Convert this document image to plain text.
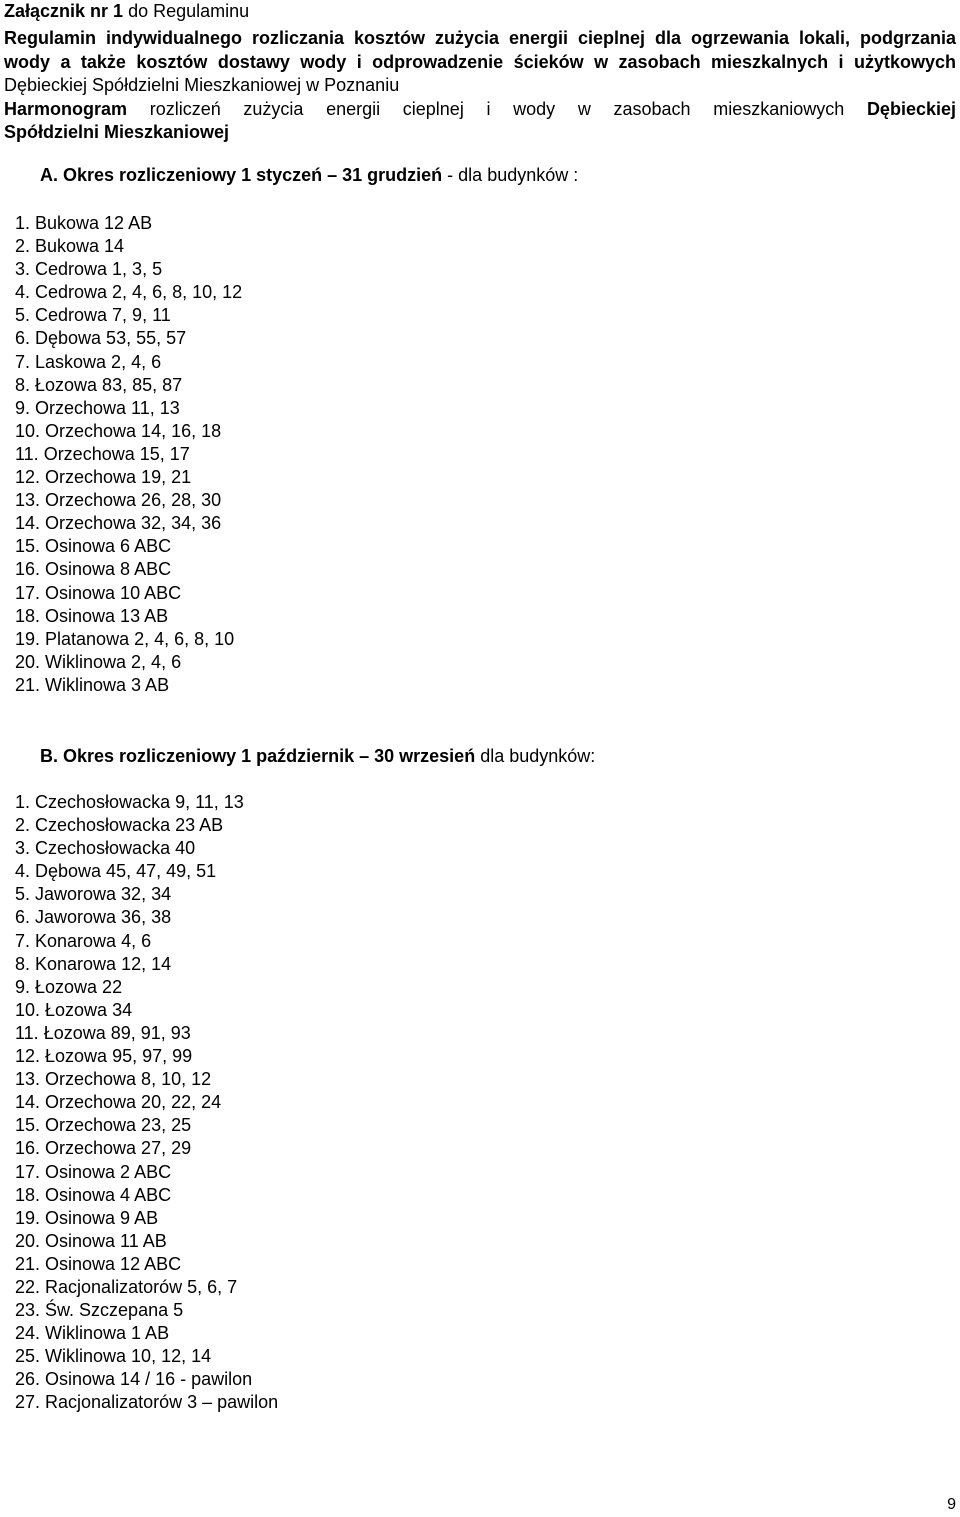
Załącznik nr 1 do Regulaminu

Regulamin indywidualnego rozliczania kosztów zużycia energii cieplnej dla ogrzewania lokali, podgrzania wody a także kosztów dostawy wody i odprowadzenie ścieków w zasobach mieszkalnych i użytkowych Dębieckiej Spółdzielni Mieszkaniowej w Poznaniu

Harmonogram rozliczeń zużycia energii cieplnej i wody w zasobach mieszkaniowych Dębieckiej

Spółdzielni Mieszkaniowej

A. Okres rozliczeniowy 1 styczeń – 31 grudzień - dla budynków :
1. Bukowa 12 AB
2. Bukowa 14
3. Cedrowa 1, 3, 5
4. Cedrowa 2, 4, 6, 8, 10, 12
5. Cedrowa 7, 9, 11
6. Dębowa 53, 55, 57
7. Laskowa 2, 4, 6
8. Łozowa 83, 85, 87
9. Orzechowa 11, 13
10. Orzechowa 14, 16, 18
11. Orzechowa 15, 17
12. Orzechowa 19, 21
13. Orzechowa 26, 28, 30
14. Orzechowa 32, 34, 36
15. Osinowa 6 ABC
16. Osinowa 8 ABC
17. Osinowa 10 ABC
18. Osinowa 13 AB
19. Platanowa 2, 4, 6, 8, 10
20. Wiklinowa 2, 4, 6
21. Wiklinowa 3 AB
B. Okres rozliczeniowy 1 październik – 30 wrzesień dla budynków:
1. Czechosłowacka 9, 11, 13
2. Czechosłowacka 23 AB
3. Czechosłowacka 40
4. Dębowa 45, 47, 49, 51
5. Jaworowa 32, 34
6. Jaworowa 36, 38
7. Konarowa 4, 6
8. Konarowa 12, 14
9. Łozowa 22
10. Łozowa 34
11. Łozowa 89, 91, 93
12. Łozowa 95, 97, 99
13. Orzechowa 8, 10, 12
14. Orzechowa 20, 22, 24
15. Orzechowa 23, 25
16. Orzechowa 27, 29
17. Osinowa 2 ABC
18. Osinowa 4 ABC
19. Osinowa 9 AB
20. Osinowa 11 AB
21. Osinowa 12 ABC
22. Racjonalizatorów 5, 6, 7
23. Św. Szczepana 5
24. Wiklinowa 1 AB
25. Wiklinowa 10, 12, 14
26. Osinowa 14 / 16 - pawilon
27. Racjonalizatorów 3 – pawilon
9
